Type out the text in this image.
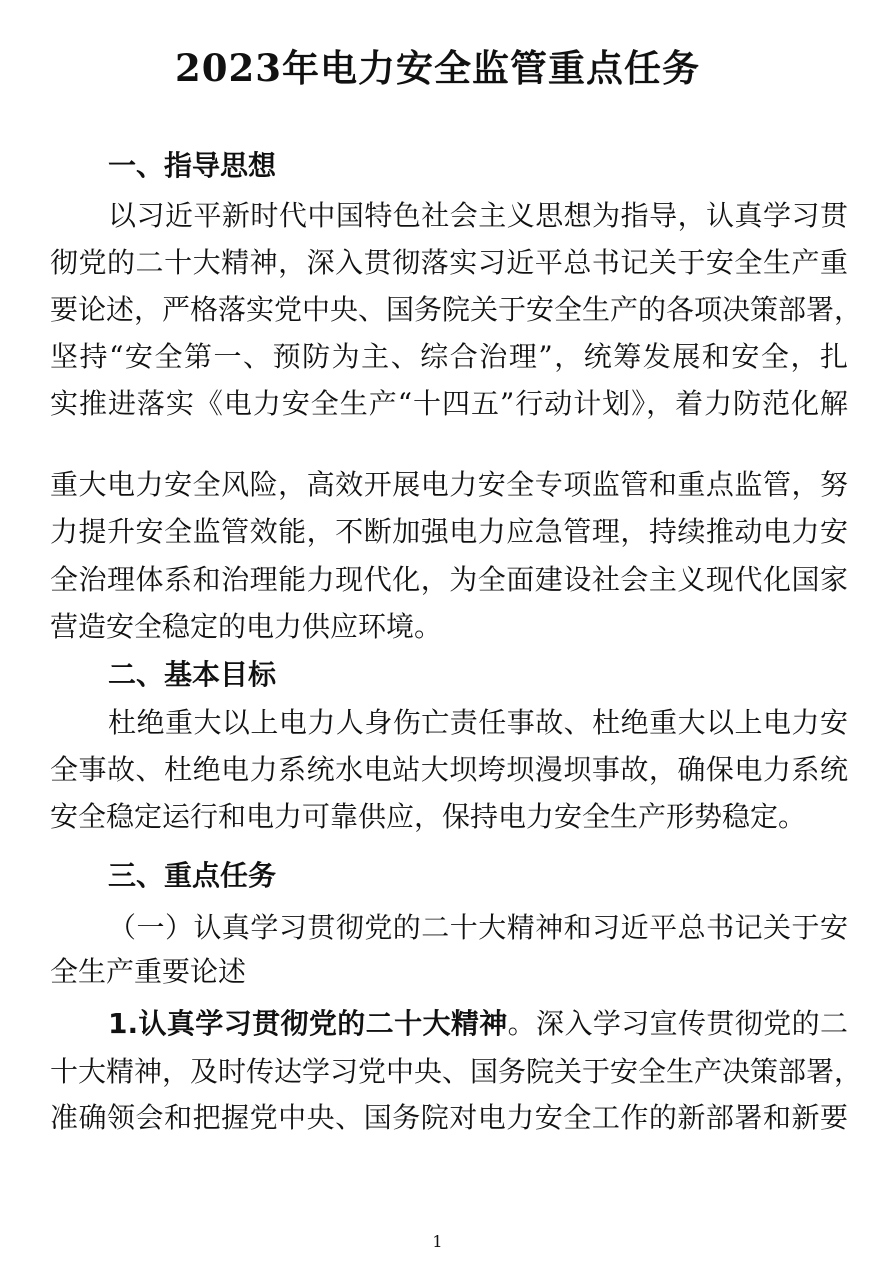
2023年电力安全监管重点任务
一、指导思想
以习近平新时代中国特色社会主义思想为指导，认真学习贯
彻党的二十大精神，深入贯彻落实习近平总书记关于安全生产重
要论述，严格落实党中央、国务院关于安全生产的各项决策部署，
坚持“安全第一、预防为主、综合治理”，统筹发展和安全，扎
实推进落实《电力安全生产“十四五”行动计划》，着力防范化解
重大电力安全风险，高效开展电力安全专项监管和重点监管，努
力提升安全监管效能，不断加强电力应急管理，持续推动电力安
全治理体系和治理能力现代化，为全面建设社会主义现代化国家
营造安全稳定的电力供应环境。
二、基本目标
杜绝重大以上电力人身伤亡责任事故、杜绝重大以上电力安
全事故、杜绝电力系统水电站大坝垮坝漫坝事故，确保电力系统
安全稳定运行和电力可靠供应，保持电力安全生产形势稳定。
三、重点任务
（一）认真学习贯彻党的二十大精神和习近平总书记关于安
全生产重要论述
1.认真学习贯彻党的二十大精神。深入学习宣传贯彻党的二
十大精神，及时传达学习党中央、国务院关于安全生产决策部署，
准确领会和把握党中央、国务院对电力安全工作的新部署和新要
1
